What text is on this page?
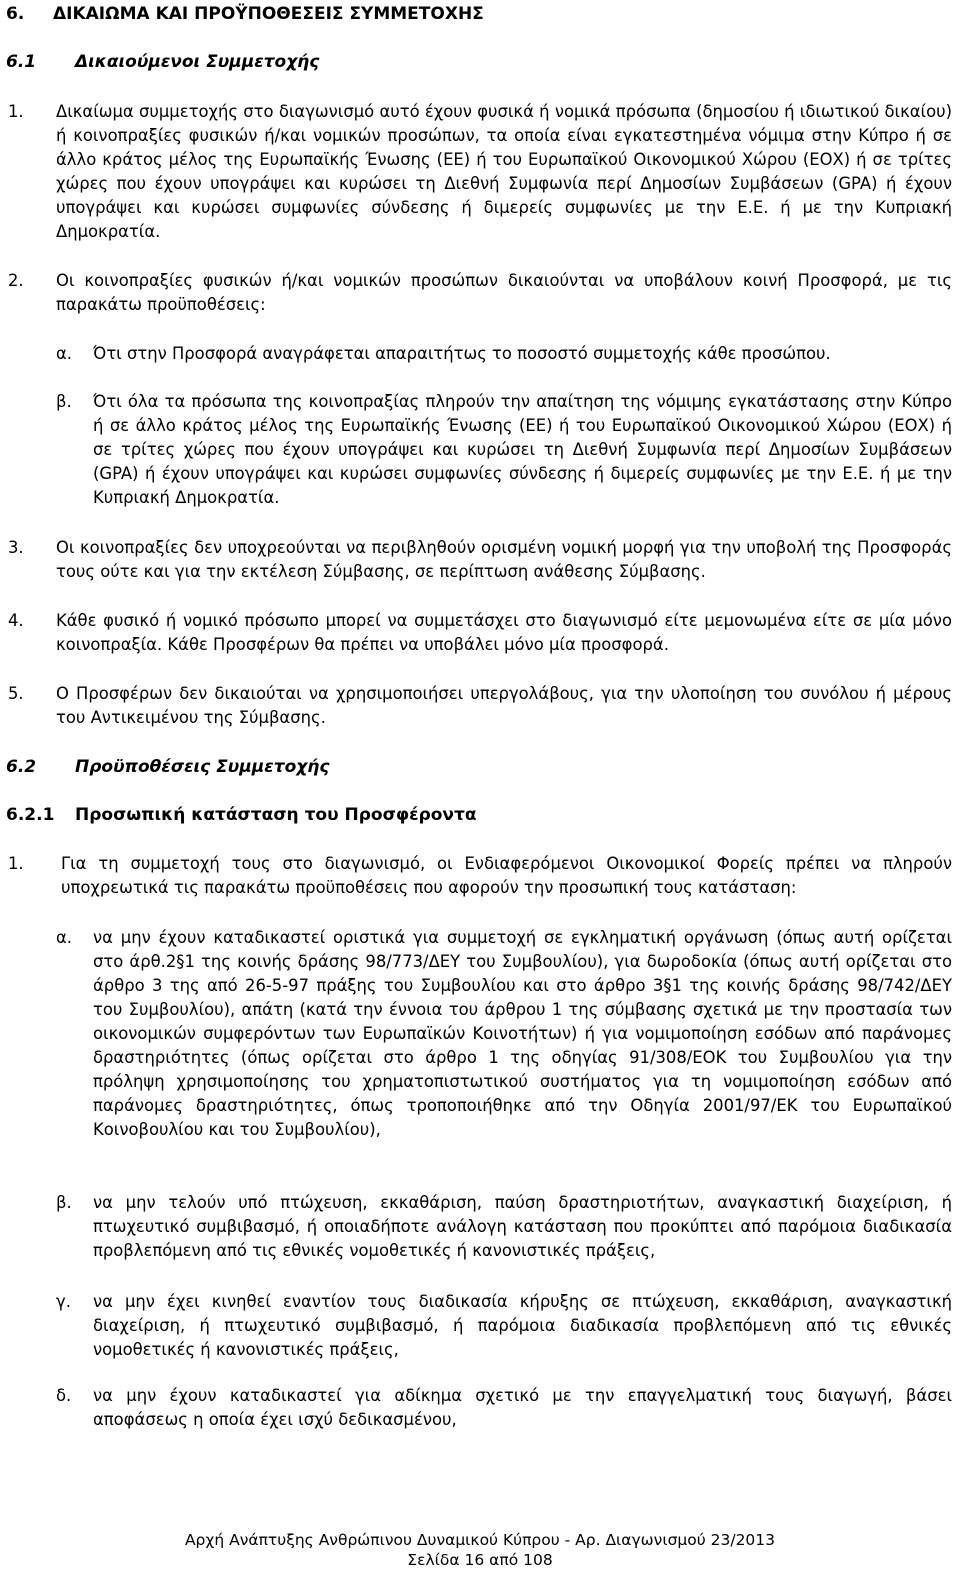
6. ΔΙΚΑΙΩΜΑ ΚΑΙ ΠΡΟΫΠΟΘΕΣΕΙΣ ΣΥΜΜΕΤΟΧΗΣ
6.1 Δικαιούμενοι Συμμετοχής
1. Δικαίωμα συμμετοχής στο διαγωνισμό αυτό έχουν φυσικά ή νομικά πρόσωπα (δημοσίου ή ιδιωτικού δικαίου) ή κοινοπραξίες φυσικών ή/και νομικών προσώπων, τα οποία είναι εγκατεστημένα νόμιμα στην Κύπρο ή σε άλλο κράτος μέλος της Ευρωπαϊκής Ένωσης (ΕΕ) ή του Ευρωπαϊκού Οικονομικού Χώρου (ΕΟΧ) ή σε τρίτες χώρες που έχουν υπογράψει και κυρώσει τη Διεθνή Συμφωνία περί Δημοσίων Συμβάσεων (GPA) ή έχουν υπογράψει και κυρώσει συμφωνίες σύνδεσης ή διμερείς συμφωνίες με την Ε.Ε. ή με την Κυπριακή Δημοκρατία.
2. Οι κοινοπραξίες φυσικών ή/και νομικών προσώπων δικαιούνται να υποβάλουν κοινή Προσφορά, με τις παρακάτω προϋποθέσεις:
α. Ότι στην Προσφορά αναγράφεται απαραιτήτως το ποσοστό συμμετοχής κάθε προσώπου.
β. Ότι όλα τα πρόσωπα της κοινοπραξίας πληρούν την απαίτηση της νόμιμης εγκατάστασης στην Κύπρο ή σε άλλο κράτος μέλος της Ευρωπαϊκής Ένωσης (ΕΕ) ή του Ευρωπαϊκού Οικονομικού Χώρου (ΕΟΧ) ή σε τρίτες χώρες που έχουν υπογράψει και κυρώσει τη Διεθνή Συμφωνία περί Δημοσίων Συμβάσεων (GPA) ή έχουν υπογράψει και κυρώσει συμφωνίες σύνδεσης ή διμερείς συμφωνίες με την Ε.Ε. ή με την Κυπριακή Δημοκρατία.
3. Οι κοινοπραξίες δεν υποχρεούνται να περιβληθούν ορισμένη νομική μορφή για την υποβολή της Προσφοράς τους ούτε και για την εκτέλεση Σύμβασης, σε περίπτωση ανάθεσης Σύμβασης.
4. Κάθε φυσικό ή νομικό πρόσωπο μπορεί να συμμετάσχει στο διαγωνισμό είτε μεμονωμένα είτε σε μία μόνο κοινοπραξία. Κάθε Προσφέρων θα πρέπει να υποβάλει μόνο μία προσφορά.
5. Ο Προσφέρων δεν δικαιούται να χρησιμοποιήσει υπεργολάβους, για την υλοποίηση του συνόλου ή μέρους του Αντικειμένου της Σύμβασης.
6.2 Προϋποθέσεις Συμμετοχής
6.2.1 Προσωπική κατάσταση του Προσφέροντα
1. Για τη συμμετοχή τους στο διαγωνισμό, οι Ενδιαφερόμενοι Οικονομικοί Φορείς πρέπει να πληρούν υποχρεωτικά τις παρακάτω προϋποθέσεις που αφορούν την προσωπική τους κατάσταση:
α. να μην έχουν καταδικαστεί οριστικά για συμμετοχή σε εγκληματική οργάνωση (όπως αυτή ορίζεται στο άρθ.2§1 της κοινής δράσης 98/773/ΔΕΥ του Συμβουλίου), για δωροδοκία (όπως αυτή ορίζεται στο άρθρο 3 της από 26-5-97 πράξης του Συμβουλίου και στο άρθρο 3§1 της κοινής δράσης 98/742/ΔΕΥ του Συμβουλίου), απάτη (κατά την έννοια του άρθρου 1 της σύμβασης σχετικά με την προστασία των οικονομικών συμφερόντων των Ευρωπαϊκών Κοινοτήτων) ή για νομιμοποίηση εσόδων από παράνομες δραστηριότητες (όπως ορίζεται στο άρθρο 1 της οδηγίας 91/308/ΕΟΚ του Συμβουλίου για την πρόληψη χρησιμοποίησης του χρηματοπιστωτικού συστήματος για τη νομιμοποίηση εσόδων από παράνομες δραστηριότητες, όπως τροποποιήθηκε από την Οδηγία 2001/97/ΕΚ του Ευρωπαϊκού Κοινοβουλίου και του Συμβουλίου),
β. να μην τελούν υπό πτώχευση, εκκαθάριση, παύση δραστηριοτήτων, αναγκαστική διαχείριση, ή πτωχευτικό συμβιβασμό, ή οποιαδήποτε ανάλογη κατάσταση που προκύπτει από παρόμοια διαδικασία προβλεπόμενη από τις εθνικές νομοθετικές ή κανονιστικές πράξεις,
γ. να μην έχει κινηθεί εναντίον τους διαδικασία κήρυξης σε πτώχευση, εκκαθάριση, αναγκαστική διαχείριση, ή πτωχευτικό συμβιβασμό, ή παρόμοια διαδικασία προβλεπόμενη από τις εθνικές νομοθετικές ή κανονιστικές πράξεις,
δ. να μην έχουν καταδικαστεί για αδίκημα σχετικό με την επαγγελματική τους διαγωγή, βάσει αποφάσεως η οποία έχει ισχύ δεδικασμένου,
Αρχή Ανάπτυξης Ανθρώπινου Δυναμικού Κύπρου - Αρ. Διαγωνισμού 23/2013
Σελίδα 16 από 108
